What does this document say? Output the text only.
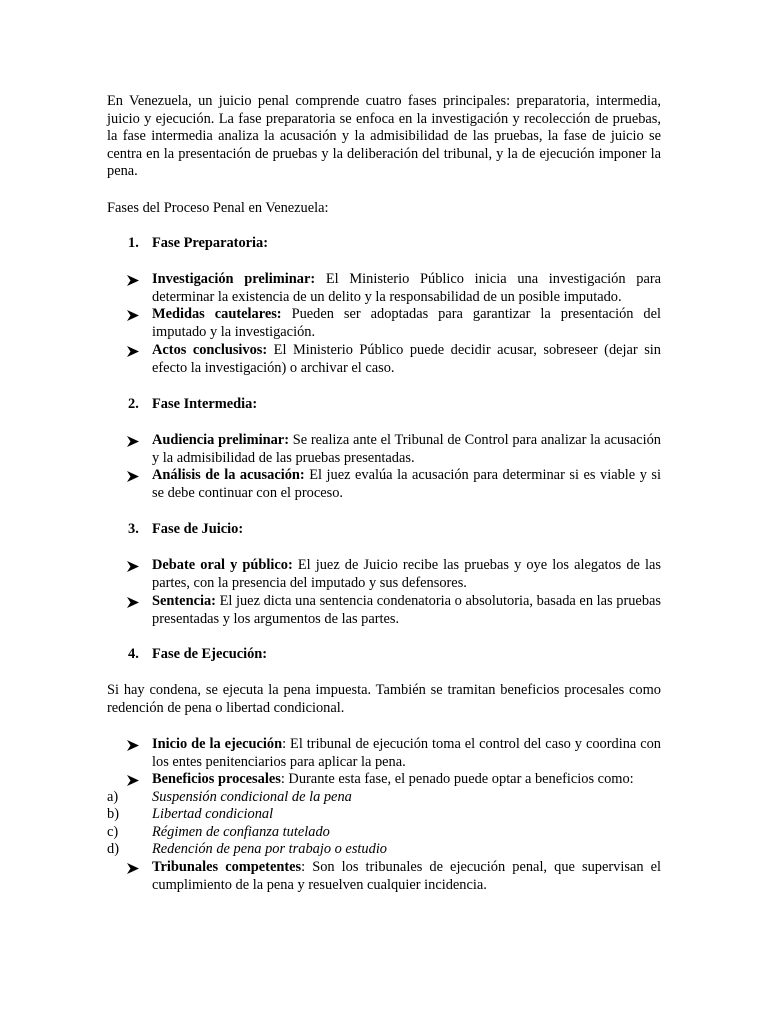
En Venezuela, un juicio penal comprende cuatro fases principales: preparatoria, intermedia, juicio y ejecución. La fase preparatoria se enfoca en la investigación y recolección de pruebas, la fase intermedia analiza la acusación y la admisibilidad de las pruebas, la fase de juicio se centra en la presentación de pruebas y la deliberación del tribunal, y la de ejecución imponer la pena.
Fases del Proceso Penal en Venezuela:
1. Fase Preparatoria:
Investigación preliminar: El Ministerio Público inicia una investigación para determinar la existencia de un delito y la responsabilidad de un posible imputado.
Medidas cautelares: Pueden ser adoptadas para garantizar la presentación del imputado y la investigación.
Actos conclusivos: El Ministerio Público puede decidir acusar, sobreseer (dejar sin efecto la investigación) o archivar el caso.
2. Fase Intermedia:
Audiencia preliminar: Se realiza ante el Tribunal de Control para analizar la acusación y la admisibilidad de las pruebas presentadas.
Análisis de la acusación: El juez evalúa la acusación para determinar si es viable y si se debe continuar con el proceso.
3. Fase de Juicio:
Debate oral y público: El juez de Juicio recibe las pruebas y oye los alegatos de las partes, con la presencia del imputado y sus defensores.
Sentencia: El juez dicta una sentencia condenatoria o absolutoria, basada en las pruebas presentadas y los argumentos de las partes.
4. Fase de Ejecución:
Si hay condena, se ejecuta la pena impuesta. También se tramitan beneficios procesales como redención de pena o libertad condicional.
Inicio de la ejecución: El tribunal de ejecución toma el control del caso y coordina con los entes penitenciarios para aplicar la pena.
Beneficios procesales: Durante esta fase, el penado puede optar a beneficios como:
a) Suspensión condicional de la pena
b) Libertad condicional
c) Régimen de confianza tutelado
d) Redención de pena por trabajo o estudio
Tribunales competentes: Son los tribunales de ejecución penal, que supervisan el cumplimiento de la pena y resuelven cualquier incidencia.
